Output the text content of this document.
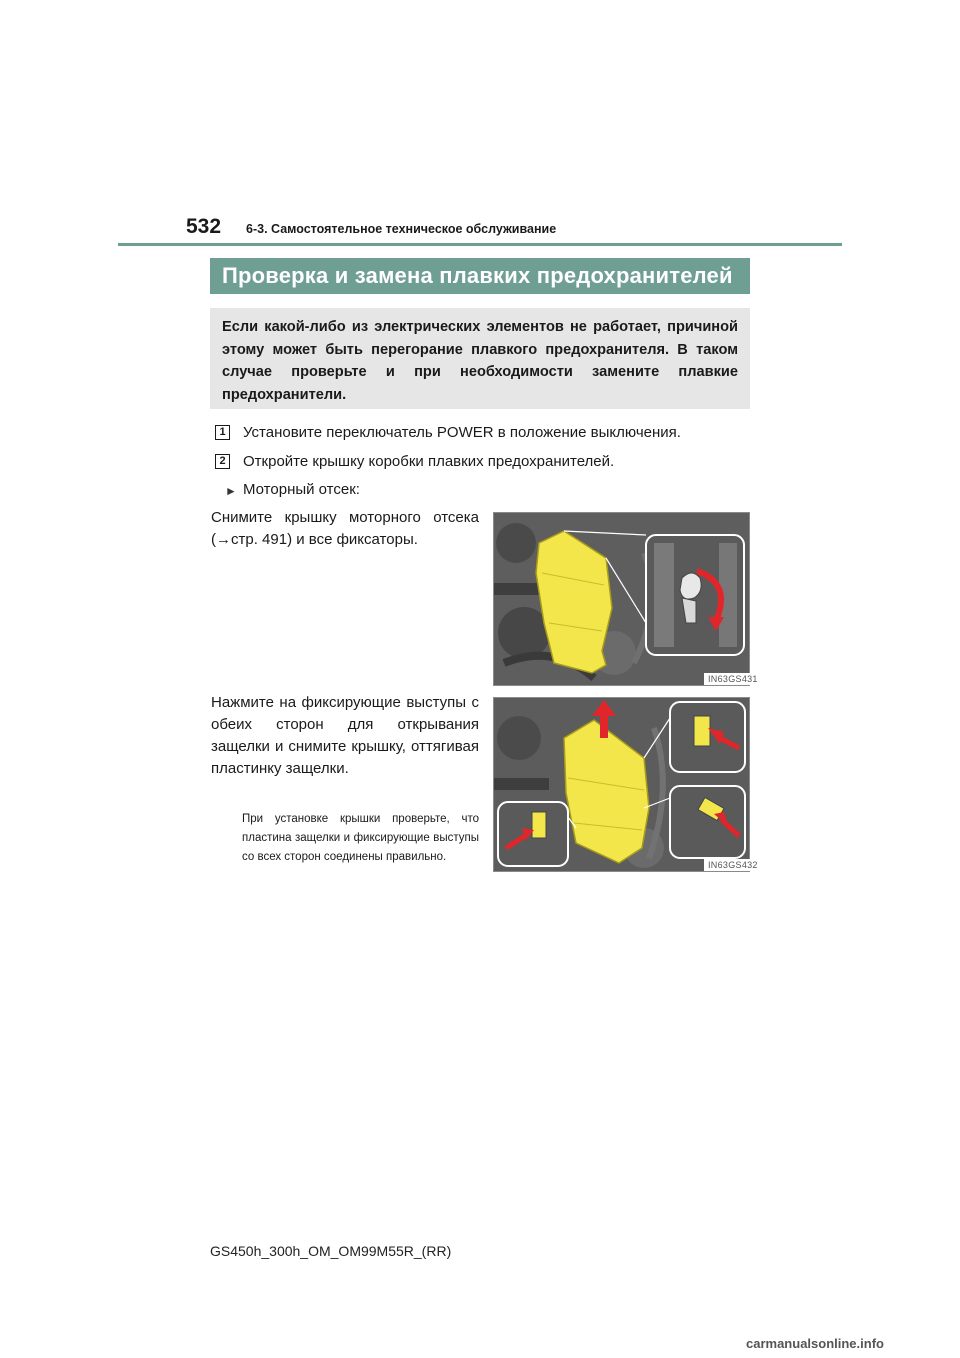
532 6-3. Самостоятельное техническое обслуживание
Проверка и замена плавких предохранителей
Если какой-либо из электрических элементов не работает, причиной этому может быть перегорание плавкого предохранителя. В таком случае проверьте и при необходимости замените плавкие предохранители.
1 Установите переключатель POWER в положение выключения.
2 Откройте крышку коробки плавких предохранителей.
► Моторный отсек:
Снимите крышку моторного отсека (→стр. 491) и все фиксаторы.
Нажмите на фиксирующие выступы с обеих сторон для открывания защелки и снимите крышку, оттягивая пластинку защелки.
При установке крышки проверьте, что пластина защелки и фиксирующие выступы со всех сторон соединены правильно.
IN63GS431
IN63GS432
GS450h_300h_OM_OM99M55R_(RR)
carmanualsonline.info
